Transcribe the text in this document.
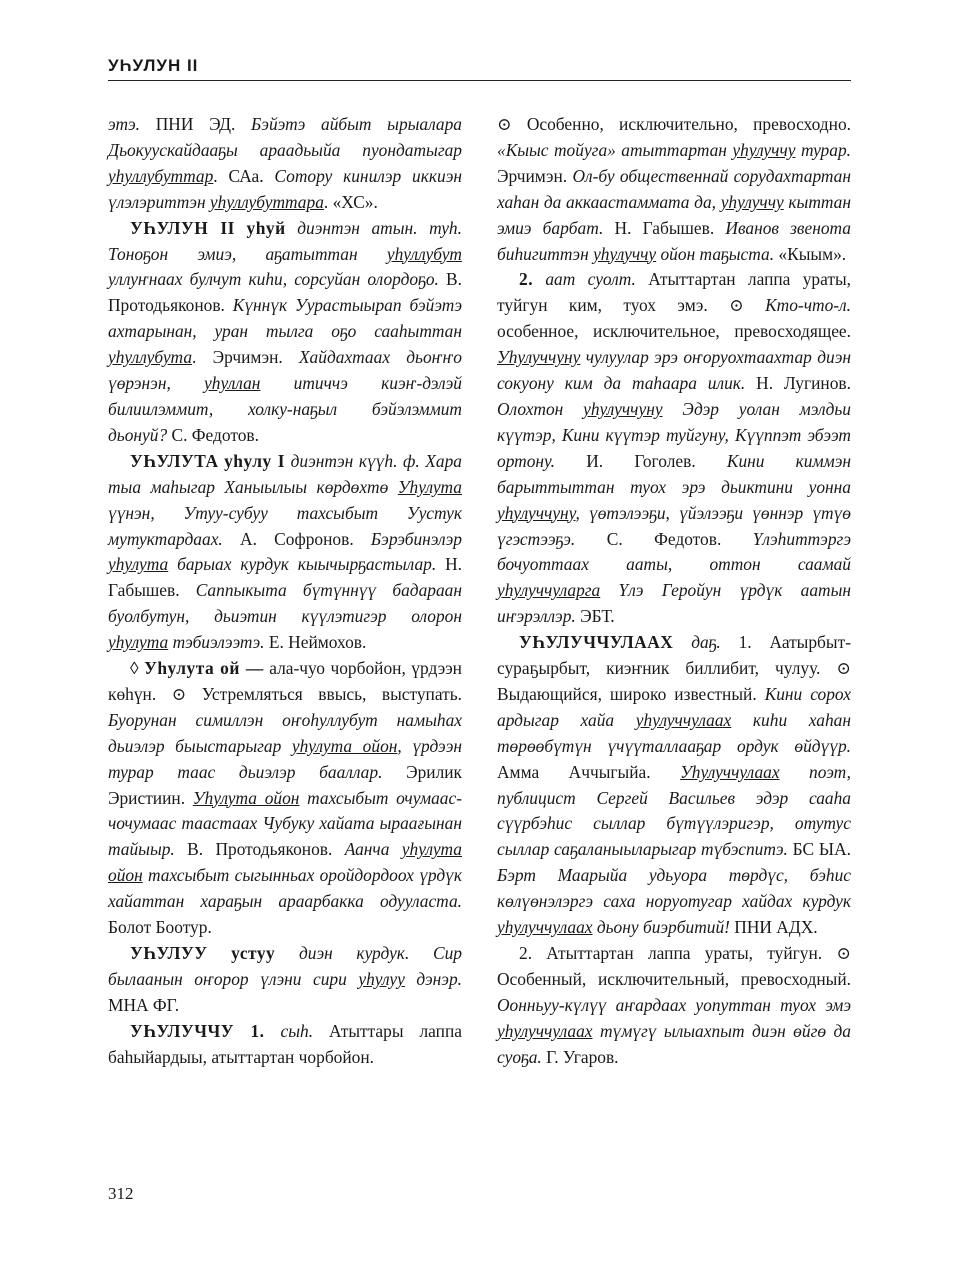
УҺУЛУН II

этэ. ПНИ ЭД. Бэйэтэ айбыт ырыалара Дьокуускайдааҕы араадьыйа пуондатыгар уһуллубуттар. САа. Сотору кинилэр иккиэн үлэлэриттэн уһуллубуттара. «ХС».

УҺУЛУН II уһуй диэнтэн атын. туһ. Тоноҕон эмиэ, аҕатыттан уһуллубут уллуҥнаах булчут киһи, сорсуйан олордоҕо. В. Протодьяконов. Күннүк Уурастыырап бэйэтэ ахтарынан, уран тылга оҕо сааһыттан уһуллубута. Эрчимэн. Хайдахтаах дьоҥҥо үөрэнэн, уһуллан итиччэ киэҥ-дэлэй билиилэммит, холку-наҕыл бэйэлэммит дьонуй? С. Федотов.

УҺУЛУТА уһулу I диэнтэн күүһ. ф. Хара тыа маһыгар Ханыылыы көрдөхтө Уһулута үүнэн, Утуу-субуу тахсыбыт Уустук мутуктардаах. А. Софронов. Бэрэбинэлэр уһулута барыах курдук кыычырҕастылар. Н. Габышев. Саппыкыта бүтүннүү бадараан буолбутун, дьиэтин күүлэтигэр олорон уһулута тэбиэлээтэ. Е. Неймохов.

◊ Уһулута ой — ала-чуо чорбойон, үрдээн көһүн. ⊙ Устремляться ввысь, выступать. Буорунан симиллэн оҥоһуллубут намыһах дьиэлэр быыстарыгар уһулута ойон, үрдээн турар таас дьиэлэр бааллар. Эрилик Эристиин. Уһулута ойон тахсыбыт очумаас-чочумаас таастаах Чубуку хайата ыраағынан тайыыр. В. Протодьяконов. Аанча уһулута ойон тахсыбыт сыгынньах оройдордоох үрдүк хайаттан хараҕын араарбакка одууласта. Болот Боотур.

УҺУЛУУ устуу диэн курдук. Сир былаанын оҥорор үлэни сири уһулуу дэнэр. МНА ФГ.

УҺУЛУЧЧУ 1. сыһ. Атыттары лаппа баһыйардыы, атыттартан чорбойон.

⊙ Особенно, исключительно, превосходно. «Кыыс тойуга» атыттартан уһулуччу турар. Эрчимэн. Ол-бу общественнай сорудахтартан хаһан да аккаастаммата да, уһулуччу кыттан эмиэ барбат. Н. Габышев. Иванов звенота биһигиттэн уһулуччу ойон таҕыста. «Кыым».

2. аат суолт. Атыттартан лаппа ураты, туйгун ким, туох эмэ. ⊙ Кто-что-л. особенное, исключительное, превосходящее. Уһулуччуну чулуулар эрэ оҥоруохтаахтар диэн сокуону ким да таһаара илик. Н. Лугинов. Олохтон уһулуччуну Эдэр уолан мэлдьи күүтэр, Кини күүтэр туйгуну, Күүппэт эбээт ортону. И. Гоголев. Кини киммэн барыттыттан туох эрэ дьиктини уонна уһулуччуну, үөтэлээҕи, үйэлээҕи үөннэр үтүө үгэстээҕэ. С. Федотов. Үлэһиттэргэ бочуоттаах ааты, оттон саамай уһулуччуларга Үлэ Геройун үрдүк аатын иҥэрэллэр. ЭБТ.

УҺУЛУЧЧУЛААХ даҕ. 1. Аатырбыт-сураҕырбыт, киэҥник биллибит, чулуу. ⊙ Выдающийся, широко известный. Кини сорох ардыгар хайа уһулуччулаах киһи хаһан төрөөбүтүн үчүүталлааҕар ордук өйдүүр. Амма Аччыгыйа. Уһулуччулаах поэт, публицист Сергей Васильев эдэр сааһа сүүрбэһис сыллар бүтүүлэригэр, отутус сыллар саҕаланыыларыгар түбэспитэ. БС ЫА. Бэрт Маарыйа удьуора төрдүс, бэһис көлүөнэлэргэ саха норуотугар хайдах курдук уһулуччулаах дьону биэрбитий! ПНИ АДХ.

2. Атыттартан лаппа ураты, туйгун. ⊙ Особенный, исключительный, превосходный. Оонньуу-күлүү аҥардаах уопуттан туох эмэ уһулуччулаах түмүгү ылыахпыт диэн өйгө да суоҕа. Г. Угаров.

312
